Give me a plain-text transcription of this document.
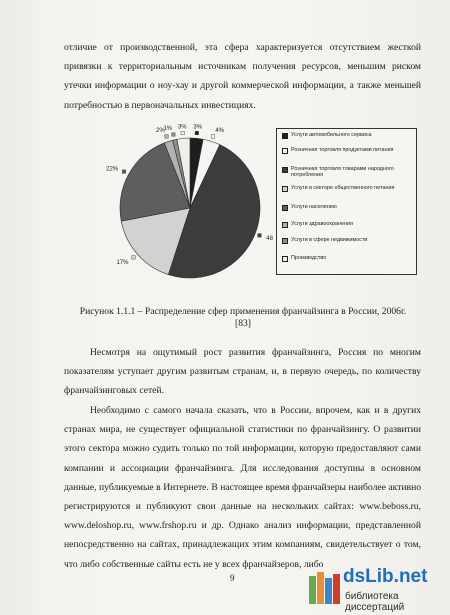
отличие от производственной, эта сфера характеризуется отсутствием жесткой привязки к территориальным источникам получения ресурсов, меньшим риском утечки информации о ноу-хау и другой коммерческой информации, а также меньшей потребностью в первоначальных инвестициях.

3%
4%
48
17%
22%
2%
1% 3%
Услуги автомобильного сервиса
Розничная торговля продуктами питания
Розничная торговля товарами народного потребления
Услуги в секторе общественного питания
Услуги населению
Услуги здравоохранения
Услуги в сфере недвижимости
Производство
Рисунок 1.1.1 – Распределение сфер применения франчайзинга в России, 2006г. [83]

Несмотря на ощутимый рост развития франчайзинга, Россия по многим показателям уступает другим развитым странам, и, в первую очередь, по количеству франчайзинговых сетей.

Необходимо с самого начала сказать, что в России, впрочем, как и в других странах мира, не существует официальной статистики по франчайзингу. О развитии этого сектора можно судить только по той информации, которую предоставляют сами компании и ассоциации франчайзинга. Для исследования доступны в основном данные, публикуемые в Интернете. В настоящее время франчайзеры наиболее активно регистрируются и публикуют свои данные на нескольких сайтах: www.beboss.ru, www.deloshop.ru, www.frshop.ru и др. Однако анализ информации, представленной непосредственно на сайтах, принадлежащих этим компаниям, свидетельствует о том, что либо собственные сайты есть не у всех франчайзеров, либо

9	dsLib.net
библиотека диссертаций
